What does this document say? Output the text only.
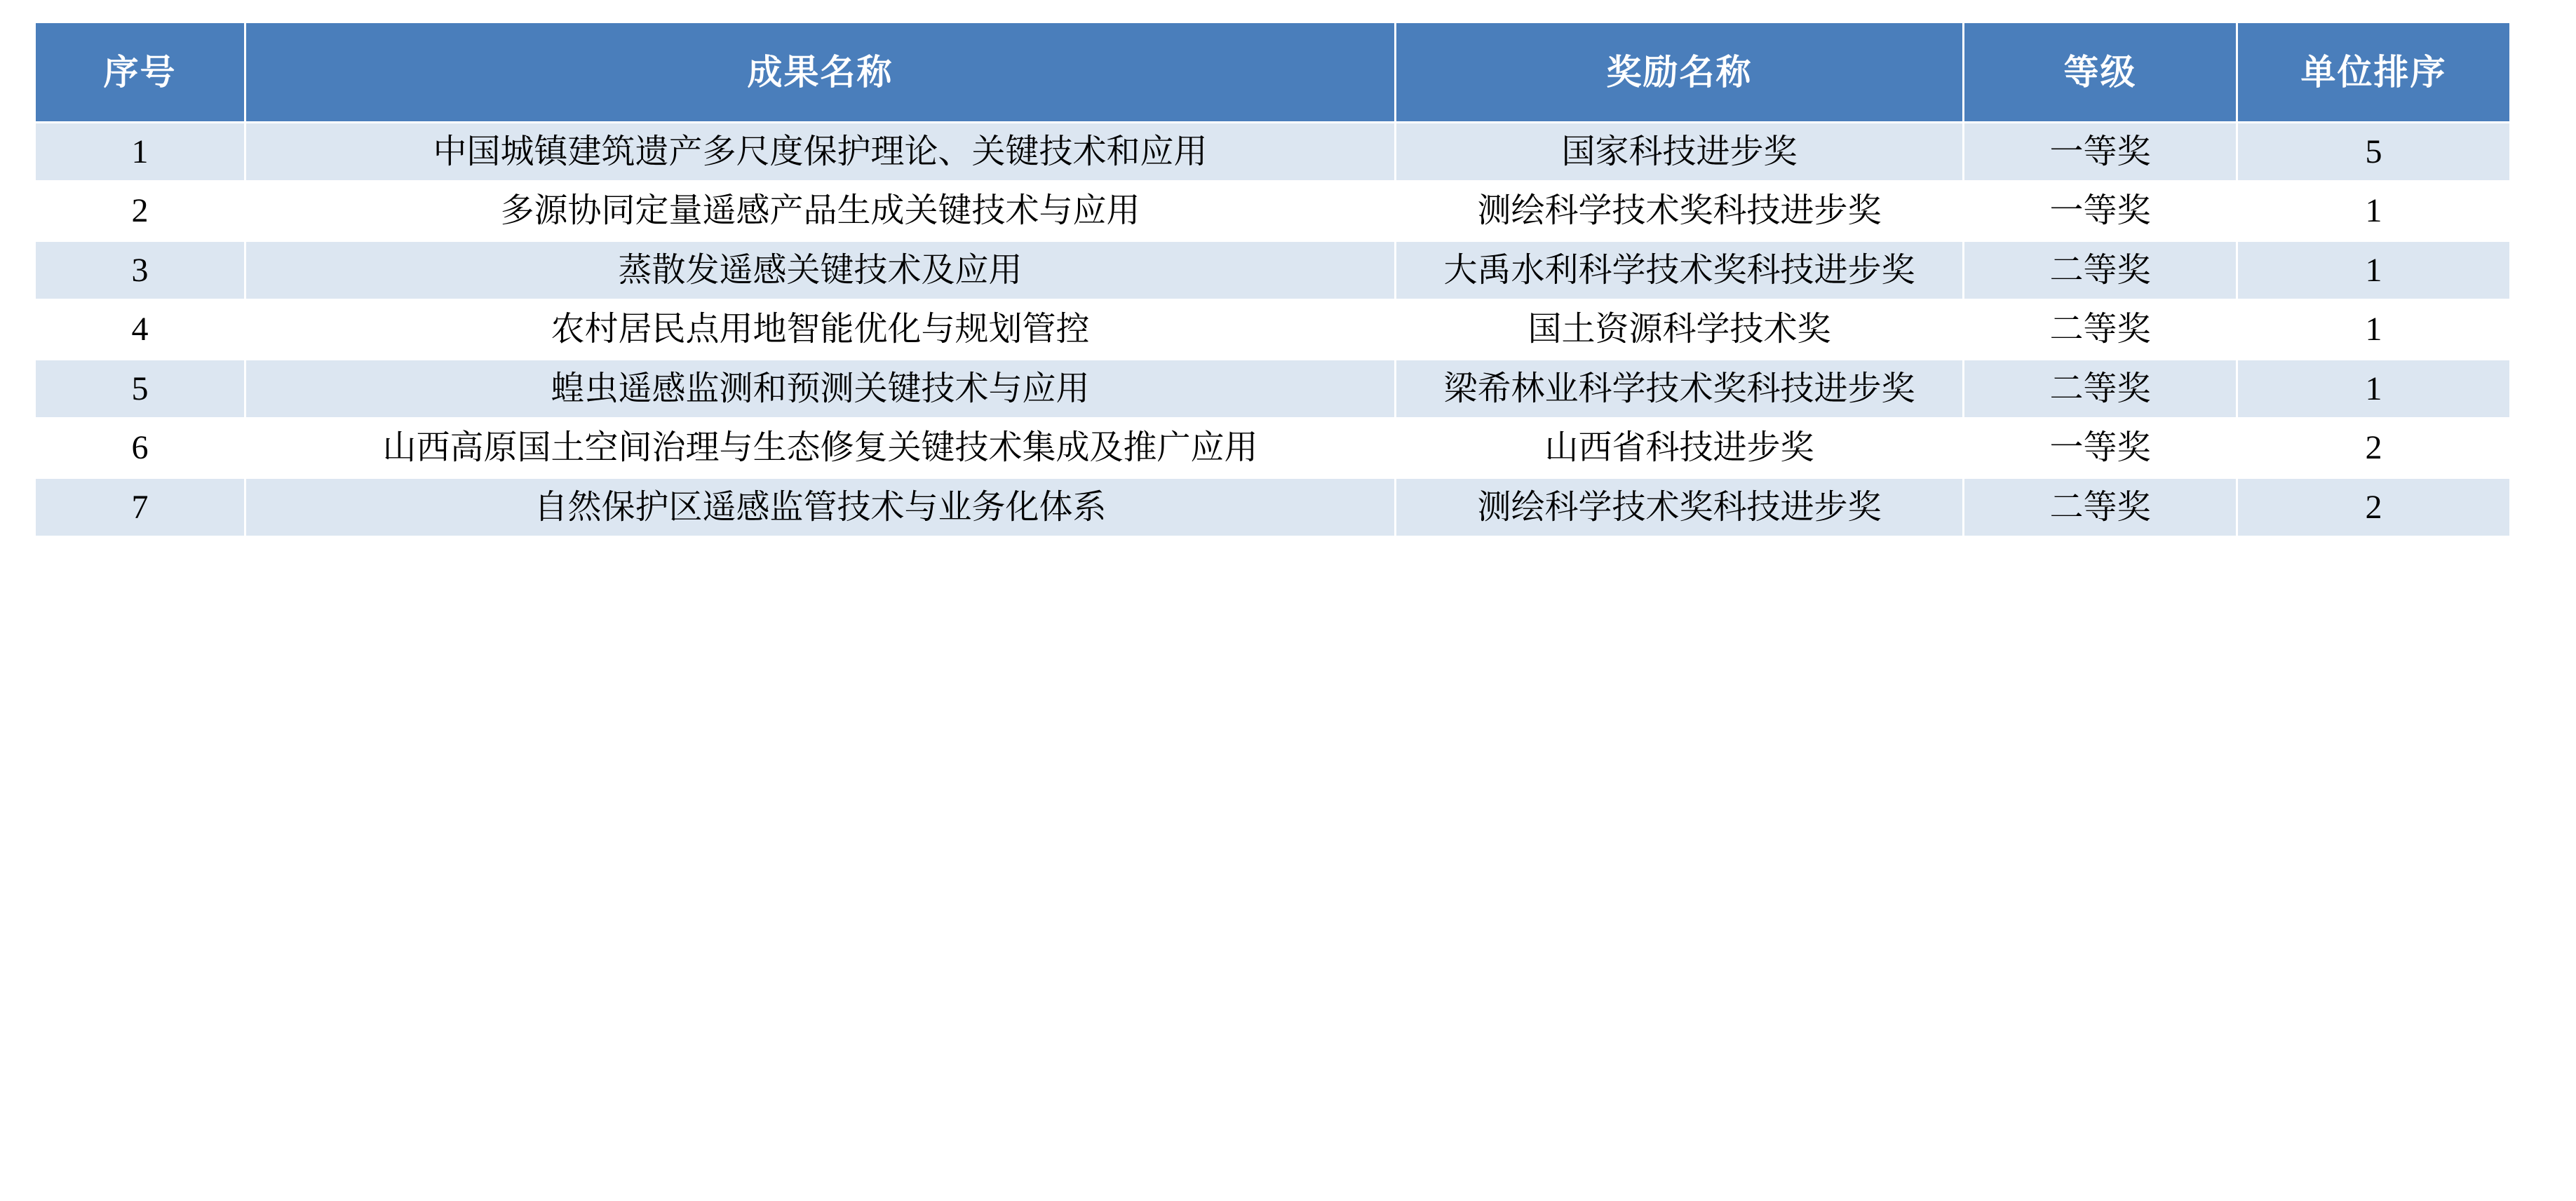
序号	成果名称	奖励名称	等级	单位排序
1	中国城镇建筑遗产多尺度保护理论、关键技术和应用	国家科技进步奖	一等奖	5
2	多源协同定量遥感产品生成关键技术与应用	测绘科学技术奖科技进步奖	一等奖	1
3	蒸散发遥感关键技术及应用	大禹水利科学技术奖科技进步奖	二等奖	1
4	农村居民点用地智能优化与规划管控	国土资源科学技术奖	二等奖	1
5	蝗虫遥感监测和预测关键技术与应用	梁希林业科学技术奖科技进步奖	二等奖	1
6	山西高原国土空间治理与生态修复关键技术集成及推广应用	山西省科技进步奖	一等奖	2
7	自然保护区遥感监管技术与业务化体系	测绘科学技术奖科技进步奖	二等奖	2
